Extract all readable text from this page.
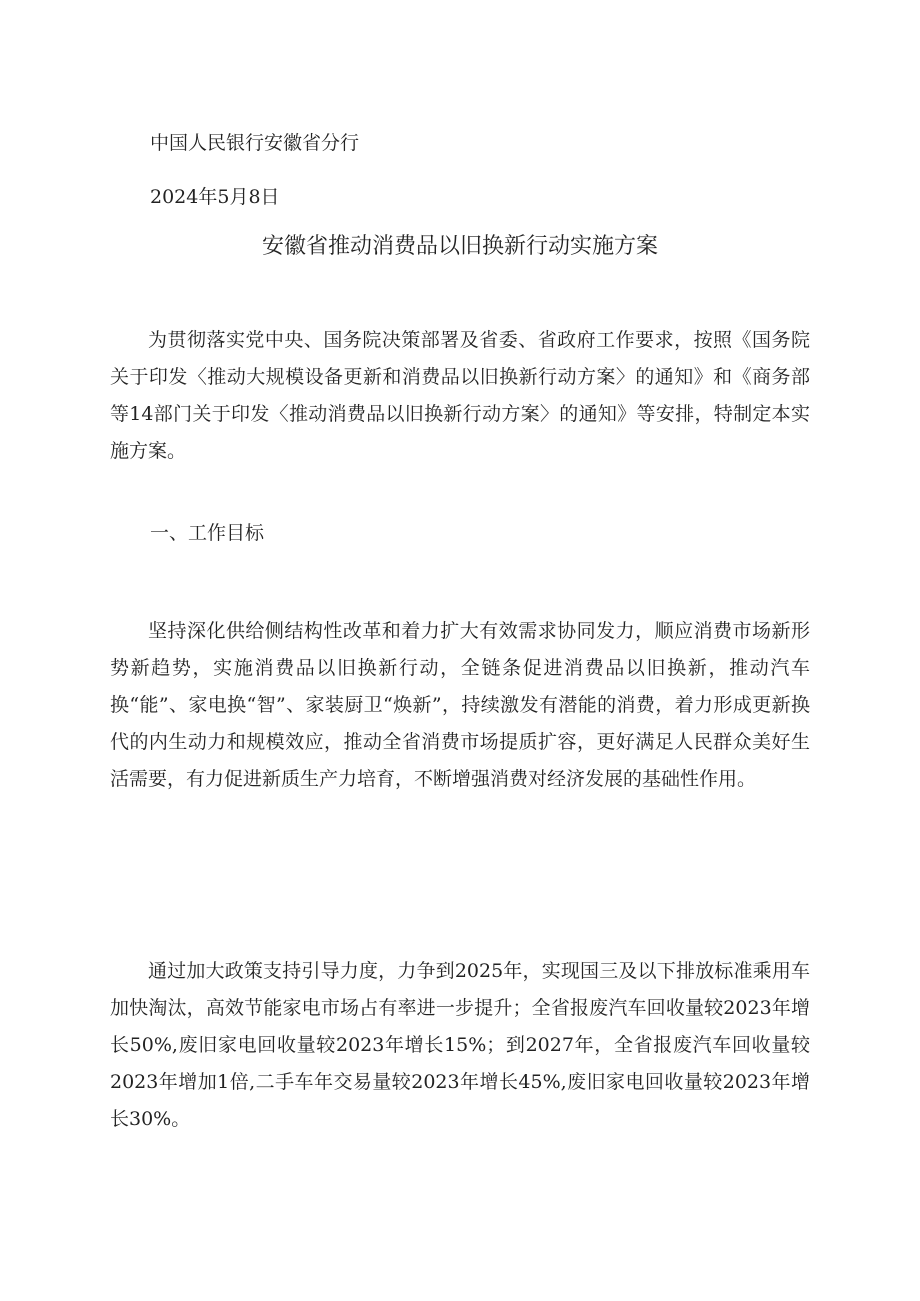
中国人民银行安徽省分行
2024年5月8日
安徽省推动消费品以旧换新行动实施方案
为贯彻落实党中央、国务院决策部署及省委、省政府工作要求，按照《国务院关于印发〈推动大规模设备更新和消费品以旧换新行动方案〉的通知》和《商务部等14部门关于印发〈推动消费品以旧换新行动方案〉的通知》等安排，特制定本实施方案。
一、工作目标
坚持深化供给侧结构性改革和着力扩大有效需求协同发力，顺应消费市场新形势新趋势，实施消费品以旧换新行动，全链条促进消费品以旧换新，推动汽车换“能”、家电换“智”、家装厨卫“焕新”，持续激发有潜能的消费，着力形成更新换代的内生动力和规模效应，推动全省消费市场提质扩容，更好满足人民群众美好生活需要，有力促进新质生产力培育，不断增强消费对经济发展的基础性作用。
通过加大政策支持引导力度，力争到2025年，实现国三及以下排放标准乘用车加快淘汰，高效节能家电市场占有率进一步提升；全省报废汽车回收量较2023年增长50%,废旧家电回收量较2023年增长15%；到2027年，全省报废汽车回收量较2023年增加1倍,二手车年交易量较2023年增长45%,废旧家电回收量较2023年增长30%。
